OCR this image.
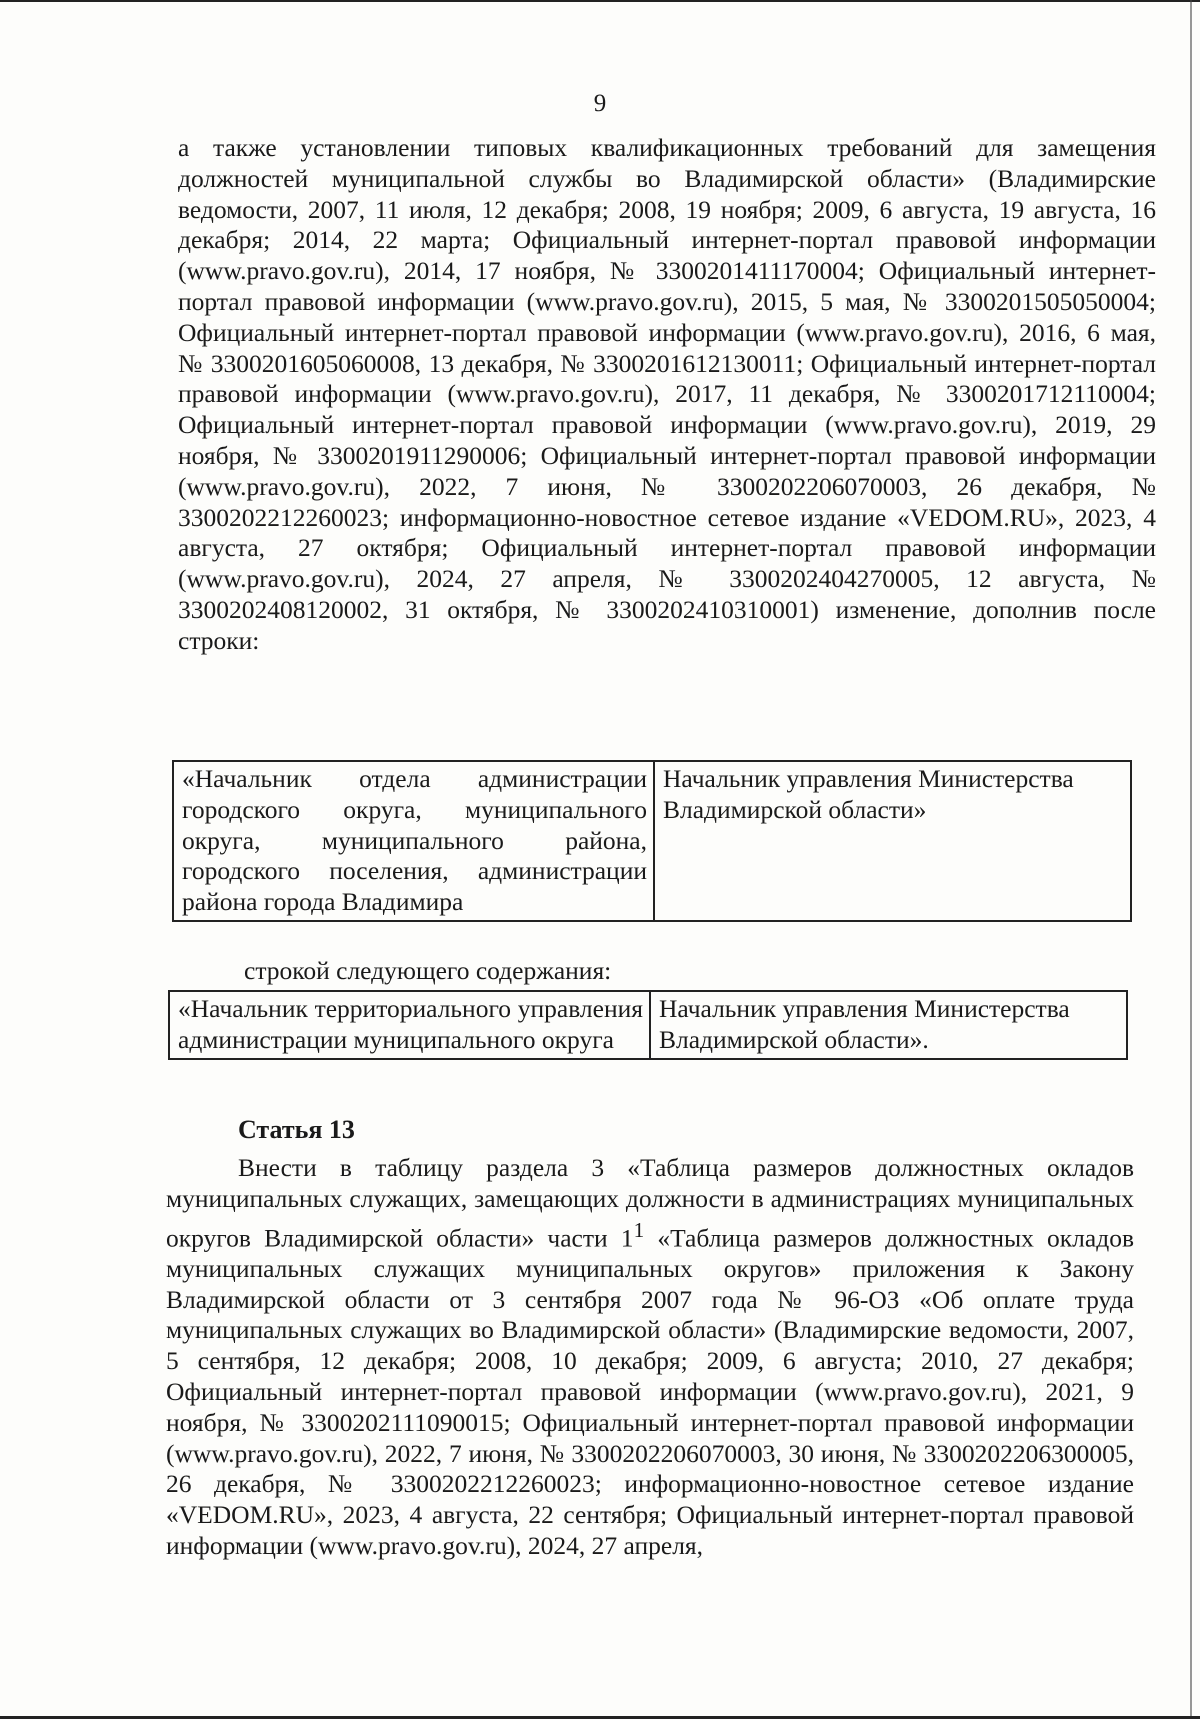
9

а также установлении типовых квалификационных требований для замещения должностей муниципальной службы во Владимирской области» (Владимирские ведомости, 2007, 11 июля, 12 декабря; 2008, 19 ноября; 2009, 6 августа, 19 августа, 16 декабря; 2014, 22 марта; Официальный интернет-портал правовой информации (www.pravo.gov.ru), 2014, 17 ноября, № 3300201411170004; Официальный интернет-портал правовой информации (www.pravo.gov.ru), 2015, 5 мая, № 3300201505050004; Официальный интернет-портал правовой информации (www.pravo.gov.ru), 2016, 6 мая, № 3300201605060008, 13 декабря, № 3300201612130011; Официальный интернет-портал правовой информации (www.pravo.gov.ru), 2017, 11 декабря, № 3300201712110004; Официальный интернет-портал правовой информации (www.pravo.gov.ru), 2019, 29 ноября, № 3300201911290006; Официальный интернет-портал правовой информации (www.pravo.gov.ru), 2022, 7 июня, № 3300202206070003, 26 декабря, № 3300202212260023; информационно-новостное сетевое издание «VEDOM.RU», 2023, 4 августа, 27 октября; Официальный интернет-портал правовой информации (www.pravo.gov.ru), 2024, 27 апреля, № 3300202404270005, 12 августа, № 3300202408120002, 31 октября, № 3300202410310001) изменение, дополнив после строки:

«Начальник отдела администрации городского округа, муниципального округа, муниципального района, городского поселения, администрации района города Владимира	Начальник управления Министерства Владимирской области»
строкой следующего содержания:
«Начальник территориального управления администрации муниципального округа	Начальник управления Министерства Владимирской области».
Статья 13

Внести в таблицу раздела 3 «Таблица размеров должностных окладов муниципальных служащих, замещающих должности в администрациях муниципальных округов Владимирской области» части $1^1$ «Таблица размеров должностных окладов муниципальных служащих муниципальных округов» приложения к Закону Владимирской области от 3 сентября 2007 года № 96-ОЗ «Об оплате труда муниципальных служащих во Владимирской области» (Владимирские ведомости, 2007, 5 сентября, 12 декабря; 2008, 10 декабря; 2009, 6 августа; 2010, 27 декабря; Официальный интернет-портал правовой информации (www.pravo.gov.ru), 2021, 9 ноября, № 3300202111090015; Официальный интернет-портал правовой информации (www.pravo.gov.ru), 2022, 7 июня, № 3300202206070003, 30 июня, № 3300202206300005, 26 декабря, № 3300202212260023; информационно-новостное сетевое издание «VEDOM.RU», 2023, 4 августа, 22 сентября; Официальный интернет-портал правовой информации (www.pravo.gov.ru), 2024, 27 апреля,
